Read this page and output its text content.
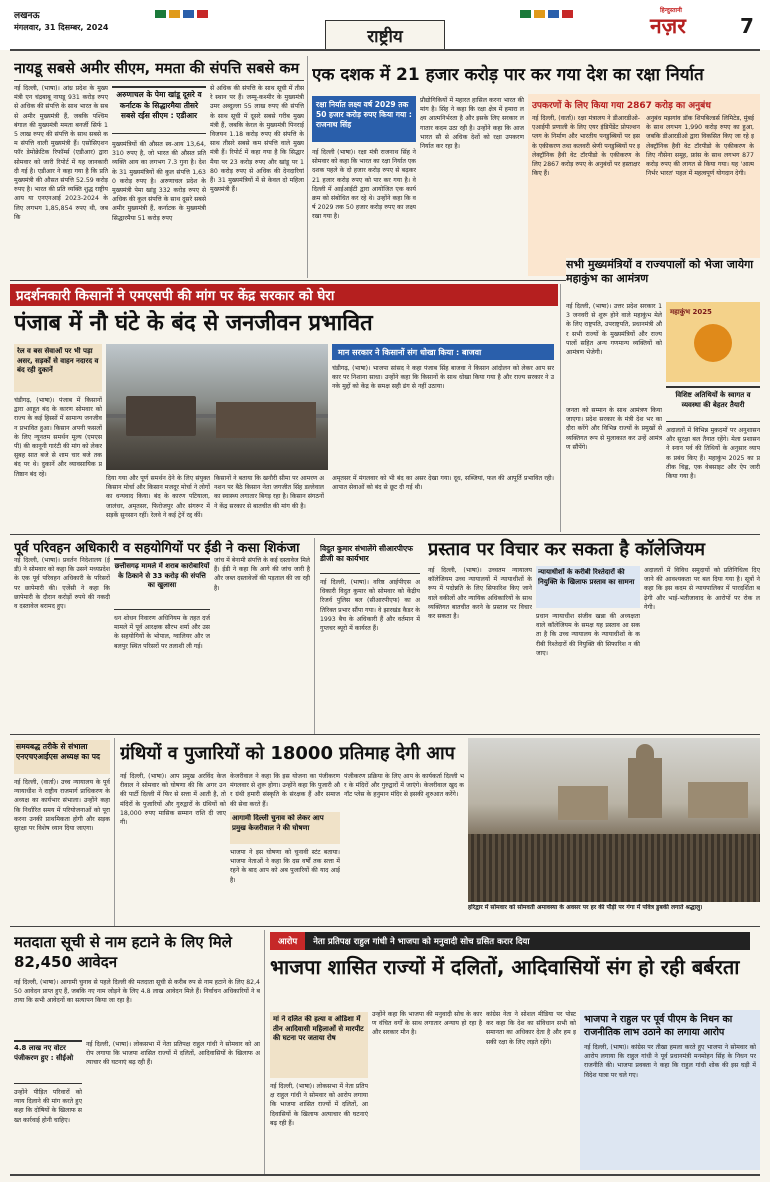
लखनऊ
मंगलवार, 31 दिसम्बर, 2024	राष्ट्रीय
हिन्दुस्तानी
नज़र	7
नायडू सबसे अमीर सीएम, ममता की संपत्ति सबसे कम
नई दिल्ली, (भाषा)। आंध्र प्रदेश के मुख्यमंत्री एन चंद्रबाबू नायडू 931 करोड़ रुपए से अधिक की संपत्ति के साथ भारत के सबसे अमीर मुख्यमंत्री हैं, जबकि पश्चिम बंगाल की मुख्यमंत्री ममता बनर्जी सिर्फ 15 लाख रुपए की संपत्ति के साथ सबसे कम संपत्ति वाली मुख्यमंत्री हैं। एसोसिएशन फॉर डेमोक्रेटिक रिफॉर्म्स (एडीआर) द्वारा सोमवार को जारी रिपोर्ट में यह जानकारी दी गई है। एडीआर ने कहा गया है कि प्रति मुख्यमंत्री की औसत संपत्ति 52.59 करोड़ रुपए है। भारत की प्रति व्यक्ति शुद्ध राष्ट्रीय आय या एनएनआई 2023-2024 के लिए लगभग 1,85,854 रुपए थी, जबकि
अरुणाचल के पेमा खांडू दूसरे व कर्नाटक के सिद्धारमैया तीसरे सबसे रईस सीएम : एडीआर
मुख्यमंत्रियों की औसत स्व-आय 13,64,310 रुपए है, जो भारत की औसत प्रति व्यक्ति आय का लगभग 7.3 गुना है। देश के 31 मुख्यमंत्रियों की कुल संपत्ति 1,630 करोड़ रुपए है। अरुणाचल प्रदेश के मुख्यमंत्री पेमा खांडू 332 करोड़ रुपए से अधिक की कुल संपत्ति के साथ दूसरे सबसे अमीर मुख्यमंत्री हैं, कर्नाटक के मुख्यमंत्री सिद्धारमैया 51 करोड़ रुपए
से अधिक की संपत्ति के साथ सूची में तीसरे स्थान पर हैं। जम्मू-कश्मीर के मुख्यमंत्री उमर अब्दुल्ला 55 लाख रुपए की संपत्ति के साथ सूची में दूसरे सबसे गरीब मुख्यमंत्री हैं, जबकि केरल के मुख्यमंत्री पिनराई विजयन 1.18 करोड़ रुपए की संपत्ति के साथ तीसरे सबसे कम संपत्ति वाले मुख्यमंत्री हैं। रिपोर्ट में कहा गया है कि सिद्धारमैया पर 23 करोड़ रुपए और खांडू पर 180 करोड़ रुपए से अधिक की देनदारियां हैं। 31 मुख्यमंत्रियों में से केवल दो महिला मुख्यमंत्री हैं।
एक दशक में 21 हजार करोड़ पार कर गया देश का रक्षा निर्यात
रक्षा निर्यात लक्ष्य वर्ष 2029 तक 50 हजार करोड़ रुपए किया गया : राजनाथ सिंह
नई दिल्ली (भाषा)। रक्षा मंत्री राजनाथ सिंह ने सोमवार को कहा कि भारत का रक्षा निर्यात एक दशक पहले के दो हजार करोड़ रुपए से बढ़कर 21 हजार करोड़ रुपए को पार कर गया है। वे दिल्ली में आईआईटी द्वारा आयोजित एक कार्यक्रम को संबोधित कर रहे थे। उन्होंने कहा कि वर्ष 2029 तक 50 हजार करोड़ रुपए का लक्ष्य रखा गया है।
प्रौद्योगिकियों में महारत हासिल करना भारत की मांग है। सिंह ने कहा कि रक्षा क्षेत्र में हमारा लक्ष्य आत्मनिर्भरता है और इसके लिए सरकार लगातार कदम उठा रही है। उन्होंने कहा कि आज भारत सौ से अधिक देशों को रक्षा उपकरण निर्यात कर रहा है।
उपकरणों के लिए किया गया 2867 करोड़ का अनुबंध
नई दिल्ली, (वार्ता)। रक्षा मंत्रालय ने डीआरडीओ-एआईपी प्रणाली के लिए एयर इंडिपेंडेंट प्रोपल्शन प्लग के निर्माण और भारतीय पनडुब्बियों पर इसके एकीकरण तथा कलवरी श्रेणी पनडुब्बियों पर इलेक्ट्रॉनिक हैवी वेट टॉरपीडो के एकीकरण के लिए 2867 करोड़ रुपए के अनुबंधों पर हस्ताक्षर किए हैं।
अनुबंध मझगांव डॉक शिपबिल्डर्स लिमिटेड, मुंबई के साथ लगभग 1,990 करोड़ रुपए का हुआ, जबकि डीआरडीओ द्वारा विकसित किए जा रहे इलेक्ट्रॉनिक हैवी वेट टॉरपीडो के एकीकरण के लिए नौसेना समूह, फ्रांस के साथ लगभग 877 करोड़ रुपए की लागत से किया गया। यह 'आत्मनिर्भर भारत' पहल में महत्वपूर्ण योगदान देगी।
प्रदर्शनकारी किसानों ने एमएसपी की मांग पर केंद्र सरकार को घेरा
पंजाब में नौ घंटे के बंद से जनजीवन प्रभावित
रेल व बस सेवाओं पर भी पड़ा असर, सड़कों से वाहन नदारद व बंद रही दुकानें
चंडीगढ़, (भाषा)। पंजाब में किसानों द्वारा आहूत बंद के कारण सोमवार को राज्य के कई हिस्सों में सामान्य जनजीवन प्रभावित हुआ। किसान अपनी फसलों के लिए न्यूनतम समर्थन मूल्य (एमएसपी) की कानूनी गारंटी की मांग को लेकर सुबह सात बजे से शाम चार बजे तक बंद पर थे। दुकानें और व्यावसायिक प्रतिष्ठान बंद रहे।
मान सरकार ने किसानों संग धोखा किया : बाजवा
चंडीगढ़, (भाषा)। भाजपा सांसद ने कहा पंजाब सिंह बाजवा ने किसान आंदोलन को लेकर आप सरकार पर निशाना साधा। उन्होंने कहा कि किसानों के साथ धोखा किया गया है और राज्य सरकार ने उनके मुद्दों को केंद्र के समक्ष सही ढंग से नहीं उठाया।
दिया गया और पूर्ण समर्थन देने के लिए संयुक्त किसान मोर्चा और किसान मजदूर मोर्चा ने लोगों का धन्यवाद किया। बंद के कारण पटियाला, जालंधर, अमृतसर, फिरोजपुर और संगरूर में सड़कें सुनसान रहीं। रेलवे ने कई ट्रेनें रद्द कीं।
किसानों ने बताया कि खनौरी सीमा पर आमरण अनशन पर बैठे किसान नेता जगजीत सिंह डल्लेवाल का स्वास्थ्य लगातार बिगड़ रहा है। किसान संगठनों ने केंद्र सरकार से बातचीत की मांग की है।
अमृतसर में मंगलवार को भी बंद का असर देखा गया। दूध, सब्जियां, फल की आपूर्ति प्रभावित रही। आपात सेवाओं को बंद से छूट दी गई थी।
सभी मुख्यमंत्रियों व राज्यपालों को भेजा जायेगा महाकुंभ का आमंत्रण
नई दिल्ली, (भाषा)। उत्तर प्रदेश सरकार 13 जनवरी से शुरू होने वाले महाकुंभ मेले के लिए राष्ट्रपति, उपराष्ट्रपति, प्रधानमंत्री और सभी राज्यों के मुख्यमंत्रियों और राज्यपालों सहित अन्य गणमान्य व्यक्तियों को आमंत्रण भेजेगी।
महाकुंभ 2025
विशिष्ट अतिथियों के स्वागत व व्यवस्था की बेहतर तैयारी
जनता को सम्मान के साथ आमंत्रण किया जाएगा। प्रदेश सरकार के मंत्री देश भर का दौरा करेंगे और विभिन्न राज्यों के प्रमुखों से व्यक्तिगत रूप से मुलाकात कर उन्हें आमंत्रण सौंपेंगे।
अदालतों में विभिन्न मुकदमों पर अनुशासन और सुरक्षा बल तैनात रहेंगे। मेला प्रशासन ने स्नान पर्व की तिथियों के अनुसार व्यापक प्रबंध किए हैं। महाकुंभ 2025 का प्रतीक चिह्न, एक वेबसाइट और ऐप जारी किया गया है।
पूर्व परिवहन अधिकारी व सहयोगियों पर ईडी ने कसा शिकंजा
नई दिल्ली, (भाषा)। प्रवर्तन निदेशालय (ईडी) ने सोमवार को कहा कि उसने मध्यप्रदेश के एक पूर्व परिवहन अधिकारी के परिसरों पर छापेमारी की। एजेंसी ने कहा कि छापेमारी के दौरान करोड़ों रुपये की नकदी व दस्तावेज बरामद हुए।
छत्तीसगढ़ मामले में शराब कारोबारियों के ठिकाने से 33 करोड़ की संपत्ति का खुलासा
धन शोधन निवारण अधिनियम के तहत दर्ज मामले में पूर्व आरक्षक सौरभ शर्मा और उसके सहयोगियों के भोपाल, ग्वालियर और जबलपुर स्थित परिसरों पर तलाशी ली गई।
जांच में बेनामी संपत्ति के कई दस्तावेज मिले हैं। ईडी ने कहा कि आगे की जांच जारी है और जब्त दस्तावेजों की पड़ताल की जा रही है।
विदुत कुमार संभालेंगे सीआरपीएफ डीजी का कार्यभार
नई दिल्ली, (भाषा)। वरिष्ठ आईपीएस अधिकारी विदुत कुमार को सोमवार को केंद्रीय रिजर्व पुलिस बल (सीआरपीएफ) का अतिरिक्त प्रभार सौंपा गया। वे झारखंड कैडर के 1993 बैच के अधिकारी हैं और वर्तमान में गुप्तचर ब्यूरो में कार्यरत हैं।
प्रस्ताव पर विचार कर सकता है कॉलेजियम
नई दिल्ली, (भाषा)। उच्चतम न्यायालय कॉलेजियम उच्च न्यायालयों में न्यायाधीशों के रूप में पदोन्नति के लिए सिफारिश किए जाने वाले वकीलों और न्यायिक अधिकारियों के साथ व्यक्तिगत बातचीत करने के प्रस्ताव पर विचार कर सकता है।
न्यायाधीशों के करीबी रिश्तेदारों की नियुक्ति के खिलाफ प्रस्ताव का सामना
प्रधान न्यायाधीश संजीव खन्ना की अध्यक्षता वाले कॉलेजियम के समक्ष यह प्रस्ताव आ सकता है कि उच्च न्यायालय के न्यायाधीशों के करीबी रिश्तेदारों की नियुक्ति की सिफारिश न की जाए।
अदालतों में विविध समुदायों को प्रतिनिधित्व दिए जाने की आवश्यकता पर बल दिया गया है। सूत्रों ने कहा कि इस कदम से न्यायपालिका में पारदर्शिता बढ़ेगी और भाई-भतीजावाद के आरोपों पर रोक लगेगी।
समयबद्ध तरीके से संभाला एनएचएआईएस अध्यक्ष का पद
नई दिल्ली, (वार्ता)। उच्च न्यायालय के पूर्व न्यायाधीश ने राष्ट्रीय राजमार्ग प्राधिकरण के अध्यक्ष का कार्यभार संभाला। उन्होंने कहा कि निर्धारित समय में परियोजनाओं को पूरा करना उनकी प्राथमिकता होगी और सड़क सुरक्षा पर विशेष ध्यान दिया जाएगा।
ग्रंथियों व पुजारियों को 18000 प्रतिमाह देगी आप
नई दिल्ली, (भाषा)। आप प्रमुख अरविंद केजरीवाल ने सोमवार को घोषणा की कि अगर उनकी पार्टी दिल्ली में फिर से सत्ता में आती है, तो मंदिरों के पुजारियों और गुरुद्वारों के ग्रंथियों को 18,000 रुपए मासिक सम्मान राशि दी जाएगी।
केजरीवाल ने कहा कि इस योजना का पंजीकरण मंगलवार से शुरू होगा। उन्होंने कहा कि पुजारी और ग्रंथी हमारी संस्कृति के संरक्षक हैं और समाज की सेवा करते हैं।
आगामी दिल्ली चुनाव को लेकर आप प्रमुख केजरीवाल ने की घोषणा
भाजपा ने इस घोषणा को चुनावी स्टंट बताया। भाजपा नेताओं ने कहा कि दस वर्षों तक सत्ता में रहने के बाद आप को अब पुजारियों की याद आई है।
पंजीकरण प्रक्रिया के लिए आप के कार्यकर्ता दिल्ली भर के मंदिरों और गुरुद्वारों में जाएंगे। केजरीवाल खुद कनॉट प्लेस के हनुमान मंदिर से इसकी शुरुआत करेंगे।
हरिद्वार में सोमवार को सोमवती अमावस्या के अवसर पर हर की पौड़ी पर गंगा में पवित्र डुबकी लगाते श्रद्धालु।
मतदाता सूची से नाम हटाने के लिए मिले 82,450 आवेदन
नई दिल्ली, (भाषा)। आगामी चुनाव से पहले दिल्ली की मतदाता सूची से करीब रुप से नाम हटाने के लिए 82,450 आवेदन प्राप्त हुए हैं, जबकि नए नाम जोड़ने के लिए 4.8 लाख आवेदन मिले हैं। निर्वाचन अधिकारियों ने बताया कि सभी आवेदनों का सत्यापन किया जा रहा है।
4.8 लाख नए वोटर पंजीकरण हुए : सीईओ
नई दिल्ली, (भाषा)। लोकसभा में नेता प्रतिपक्ष राहुल गांधी ने सोमवार को आरोप लगाया कि भाजपा शासित राज्यों में दलितों, आदिवासियों के खिलाफ अत्याचार की घटनाएं बढ़ रही हैं।
उन्होंने पीड़ित परिवारों को न्याय दिलाने की मांग करते हुए कहा कि दोषियों के खिलाफ सख्त कार्रवाई होनी चाहिए।
आरोप	नेता प्रतिपक्ष राहुल गांधी ने भाजपा को मनुवादी सोच ग्रसित करार दिया
भाजपा शासित राज्यों में दलितों, आदिवासियों संग हो रही बर्बरता
मां ने दलित की हत्या व ओडिशा में तीन आदिवासी महिलाओं से मारपीट की घटना पर जताया रोष
नई दिल्ली, (भाषा)। लोकसभा में नेता प्रतिपक्ष राहुल गांधी ने सोमवार को आरोप लगाया कि भाजपा शासित राज्यों में दलितों, आदिवासियों के खिलाफ अत्याचार की घटनाएं बढ़ रही हैं।
उन्होंने कहा कि भाजपा की मनुवादी सोच के कारण वंचित वर्गों के साथ लगातार अन्याय हो रहा है और सरकार मौन है।
कांग्रेस नेता ने सोशल मीडिया पर पोस्ट कर कहा कि देश का संविधान सभी को समानता का अधिकार देता है और हम इसकी रक्षा के लिए लड़ते रहेंगे।
भाजपा ने राहुल पर पूर्व पीएम के निधन का राजनीतिक लाभ उठाने का लगाया आरोप
नई दिल्ली, (भाषा)। कांग्रेस पर तीखा हमला करते हुए भाजपा ने सोमवार को आरोप लगाया कि राहुल गांधी ने पूर्व प्रधानमंत्री मनमोहन सिंह के निधन पर राजनीति की। भाजपा प्रवक्ता ने कहा कि राहुल गांधी शोक की इस घड़ी में विदेश यात्रा पर चले गए।
